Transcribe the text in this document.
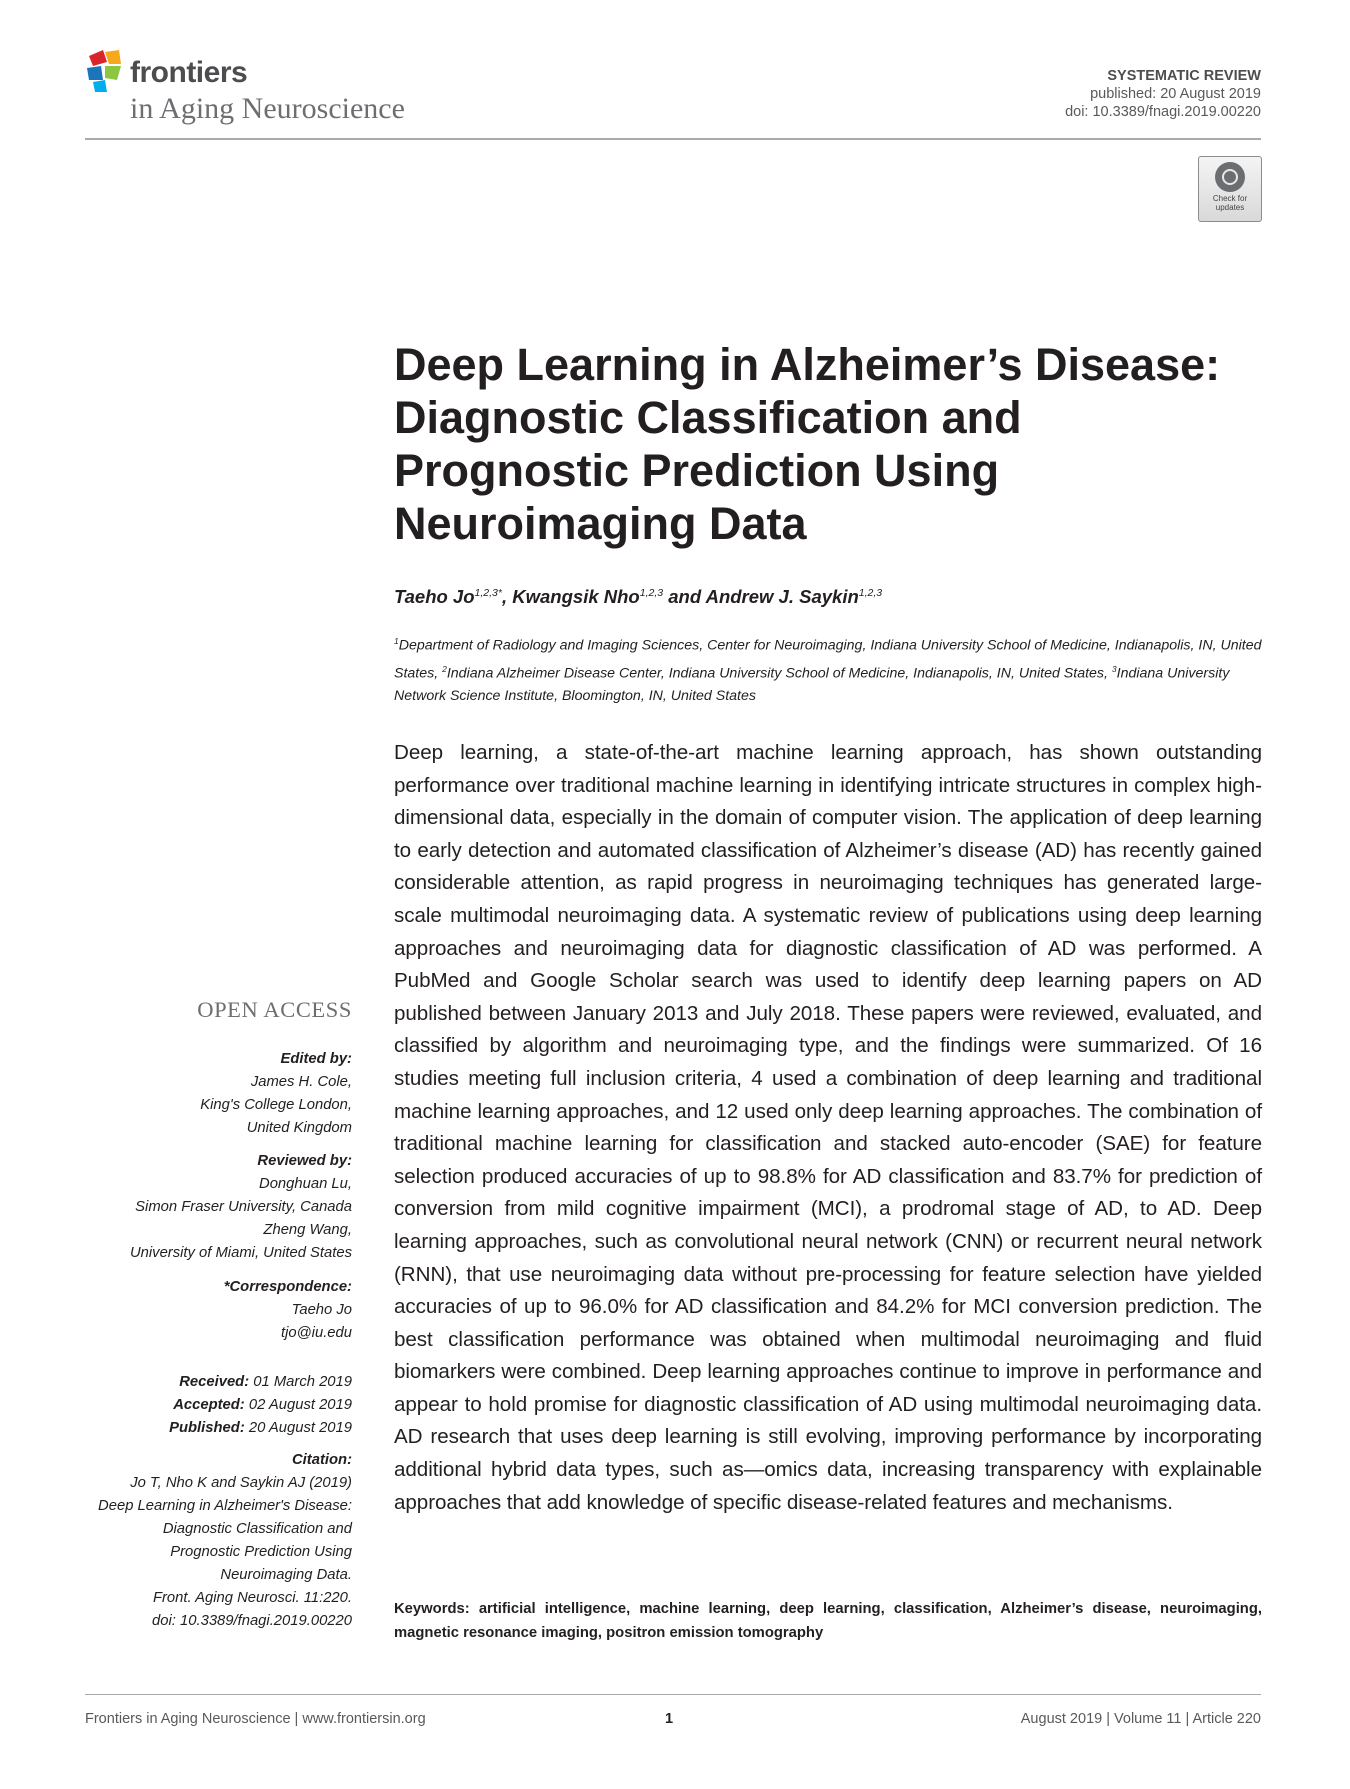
frontiers
in Aging Neuroscience
SYSTEMATIC REVIEW
published: 20 August 2019
doi: 10.3389/fnagi.2019.00220
Check for
updates
Deep Learning in Alzheimer’s Disease: Diagnostic Classification and Prognostic Prediction Using Neuroimaging Data
Taeho $Jo^{1,2,3*}$, Kwangsik Nho$^{1,2,3}$ and Andrew J. Saykin$^{1,2,3}$
$^1$Department of Radiology and Imaging Sciences, Center for Neuroimaging, Indiana University School of Medicine, Indianapolis, IN, United States, $^2$Indiana Alzheimer Disease Center, Indiana University School of Medicine, Indianapolis, IN, United States, $^3$Indiana University Network Science Institute, Bloomington, IN, United States
Deep learning, a state-of-the-art machine learning approach, has shown outstanding performance over traditional machine learning in identifying intricate structures in complex high-dimensional data, especially in the domain of computer vision. The application of deep learning to early detection and automated classification of Alzheimer’s disease (AD) has recently gained considerable attention, as rapid progress in neuroimaging techniques has generated large-scale multimodal neuroimaging data. A systematic review of publications using deep learning approaches and neuroimaging data for diagnostic classification of AD was performed. A PubMed and Google Scholar search was used to identify deep learning papers on AD published between January 2013 and July 2018. These papers were reviewed, evaluated, and classified by algorithm and neuroimaging type, and the findings were summarized. Of 16 studies meeting full inclusion criteria, 4 used a combination of deep learning and traditional machine learning approaches, and 12 used only deep learning approaches. The combination of traditional machine learning for classification and stacked auto-encoder (SAE) for feature selection produced accuracies of up to 98.8% for AD classification and 83.7% for prediction of conversion from mild cognitive impairment (MCI), a prodromal stage of AD, to AD. Deep learning approaches, such as convolutional neural network (CNN) or recurrent neural network (RNN), that use neuroimaging data without pre-processing for feature selection have yielded accuracies of up to 96.0% for AD classification and 84.2% for MCI conversion prediction. The best classification performance was obtained when multimodal neuroimaging and fluid biomarkers were combined. Deep learning approaches continue to improve in performance and appear to hold promise for diagnostic classification of AD using multimodal neuroimaging data. AD research that uses deep learning is still evolving, improving performance by incorporating additional hybrid data types, such as—omics data, increasing transparency with explainable approaches that add knowledge of specific disease-related features and mechanisms.
Keywords: artificial intelligence, machine learning, deep learning, classification, Alzheimer’s disease, neuroimaging, magnetic resonance imaging, positron emission tomography
OPEN ACCESS
Edited by:
James H. Cole,
King's College London,
United Kingdom
Reviewed by:
Donghuan Lu,
Simon Fraser University, Canada
Zheng Wang,
University of Miami, United States
*Correspondence:
Taeho Jo
tjo@iu.edu
Received: 01 March 2019
Accepted: 02 August 2019
Published: 20 August 2019
Citation:
Jo T, Nho K and Saykin AJ (2019)
Deep Learning in Alzheimer's Disease:
Diagnostic Classification and
Prognostic Prediction Using
Neuroimaging Data.
Front. Aging Neurosci. 11:220.
doi: 10.3389/fnagi.2019.00220
Frontiers in Aging Neuroscience | www.frontiersin.org	1	August 2019 | Volume 11 | Article 220
